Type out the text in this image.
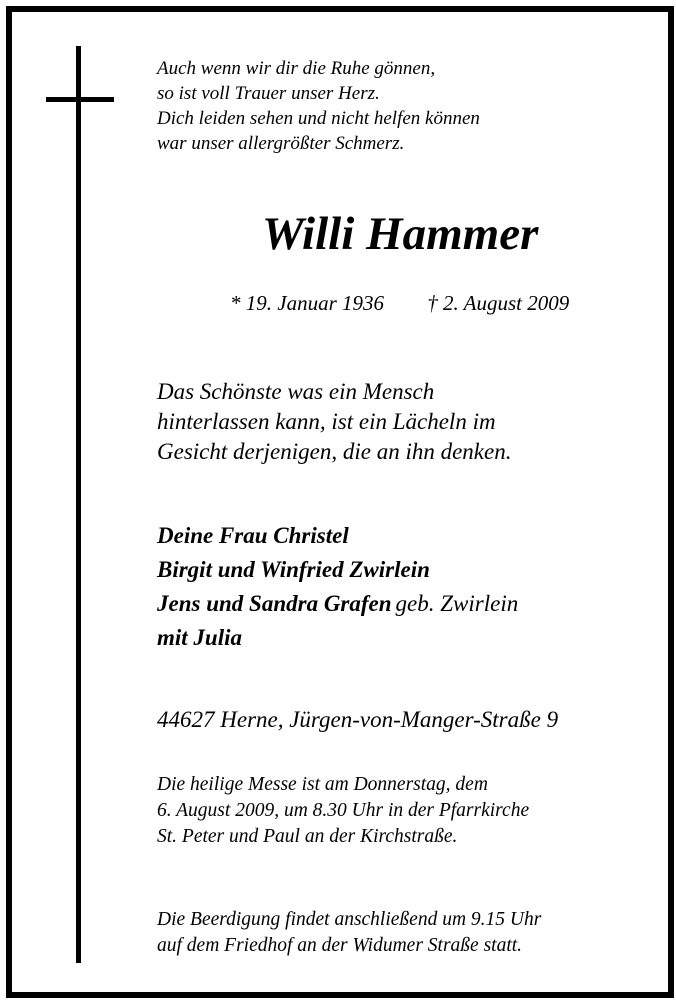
Auch wenn wir dir die Ruhe gönnen,
so ist voll Trauer unser Herz.
Dich leiden sehen und nicht helfen können
war unser allergrößter Schmerz.
Willi Hammer
* 19. Januar 1936 † 2. August 2009
Das Schönste was ein Mensch
hinterlassen kann, ist ein Lächeln im
Gesicht derjenigen, die an ihn denken.
Deine Frau Christel
Birgit und Winfried Zwirlein
Jens und Sandra Grafen geb. Zwirlein
mit Julia
44627 Herne, Jürgen-von-Manger-Straße 9
Die heilige Messe ist am Donnerstag, dem
6. August 2009, um 8.30 Uhr in der Pfarrkirche
St. Peter und Paul an der Kirchstraße.
Die Beerdigung findet anschließend um 9.15 Uhr
auf dem Friedhof an der Widumer Straße statt.
